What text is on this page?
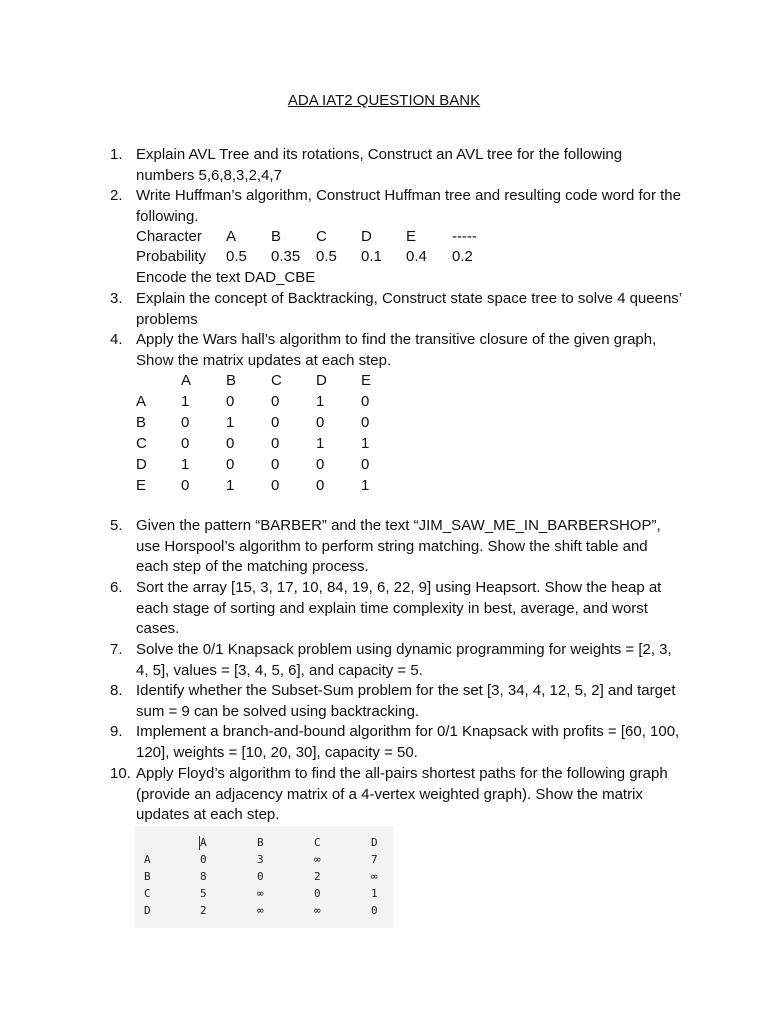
ADA IAT2 QUESTION BANK
1. Explain AVL Tree and its rotations, Construct an AVL tree for the following numbers 5,6,8,3,2,4,7
2. Write Huffman’s algorithm, Construct Huffman tree and resulting code word for the following.
Character A B C D E -----
Probability 0.5 0.35 0.5 0.1 0.4 0.2
Encode the text DAD_CBE
3. Explain the concept of Backtracking, Construct state space tree to solve 4 queens’ problems
4. Apply the Wars hall’s algorithm to find the transitive closure of the given graph, Show the matrix updates at each step.
A B C D E
A 1 0 0 1 0
B 0 1 0 0 0
C 0 0 0 1 1
D 1 0 0 0 0
E 0 1 0 0 1
5. Given the pattern “BARBER” and the text “JIM_SAW_ME_IN_BARBERSHOP”, use Horspool’s algorithm to perform string matching. Show the shift table and each step of the matching process.
6. Sort the array [15, 3, 17, 10, 84, 19, 6, 22, 9] using Heapsort. Show the heap at each stage of sorting and explain time complexity in best, average, and worst cases.
7. Solve the 0/1 Knapsack problem using dynamic programming for weights = [2, 3, 4, 5], values = [3, 4, 5, 6], and capacity = 5.
8. Identify whether the Subset-Sum problem for the set [3, 34, 4, 12, 5, 2] and target sum = 9 can be solved using backtracking.
9. Implement a branch-and-bound algorithm for 0/1 Knapsack with profits = [60, 100, 120], weights = [10, 20, 30], capacity = 50.
10. Apply Floyd’s algorithm to find the all-pairs shortest paths for the following graph (provide an adjacency matrix of a 4-vertex weighted graph). Show the matrix updates at each step.
A	B	C	D
A	0	3	∞	7
B	8	0	2	∞
C	5	∞	0	1
D	2	∞	∞	0
